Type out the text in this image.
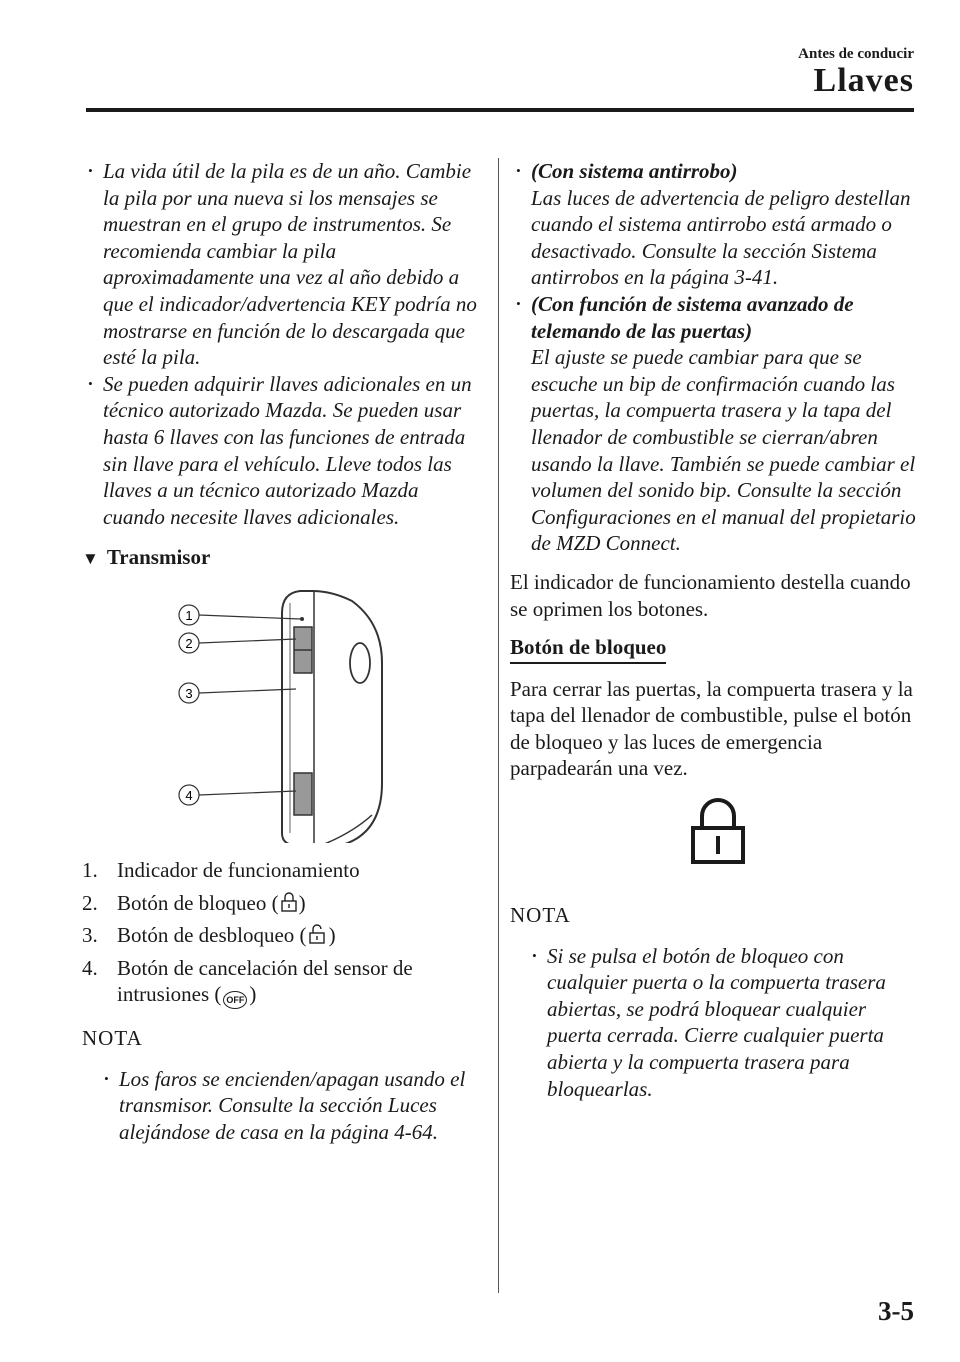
Antes de conducir
Llaves
• La vida útil de la pila es de un año. Cambie la pila por una nueva si los mensajes se muestran en el grupo de instrumentos. Se recomienda cambiar la pila aproximadamente una vez al año debido a que el indicador/advertencia KEY podría no mostrarse en función de lo descargada que esté la pila.
• Se pueden adquirir llaves adicionales en un técnico autorizado Mazda. Se pueden usar hasta 6 llaves con las funciones de entrada sin llave para el vehículo. Lleve todos las llaves a un técnico autorizado Mazda cuando necesite llaves adicionales.
▼ Transmisor
1
2
3
4
1. Indicador de funcionamiento
2. Botón de bloqueo ( )
3. Botón de desbloqueo ( )
4. Botón de cancelación del sensor de intrusiones ( OFF )
NOTA
• Los faros se encienden/apagan usando el transmisor. Consulte la sección Luces alejándose de casa en la página 4-64.
• (Con sistema antirrobo)
Las luces de advertencia de peligro destellan cuando el sistema antirrobo está armado o desactivado. Consulte la sección Sistema antirrobos en la página 3-41.
• (Con función de sistema avanzado de telemando de las puertas)
El ajuste se puede cambiar para que se escuche un bip de confirmación cuando las puertas, la compuerta trasera y la tapa del llenador de combustible se cierran/abren usando la llave. También se puede cambiar el volumen del sonido bip. Consulte la sección Configuraciones en el manual del propietario de MZD Connect.
El indicador de funcionamiento destella cuando se oprimen los botones.
Botón de bloqueo
Para cerrar las puertas, la compuerta trasera y la tapa del llenador de combustible, pulse el botón de bloqueo y las luces de emergencia parpadearán una vez.
NOTA
• Si se pulsa el botón de bloqueo con cualquier puerta o la compuerta trasera abiertas, se podrá bloquear cualquier puerta cerrada. Cierre cualquier puerta abierta y la compuerta trasera para bloquearlas.
3-5
